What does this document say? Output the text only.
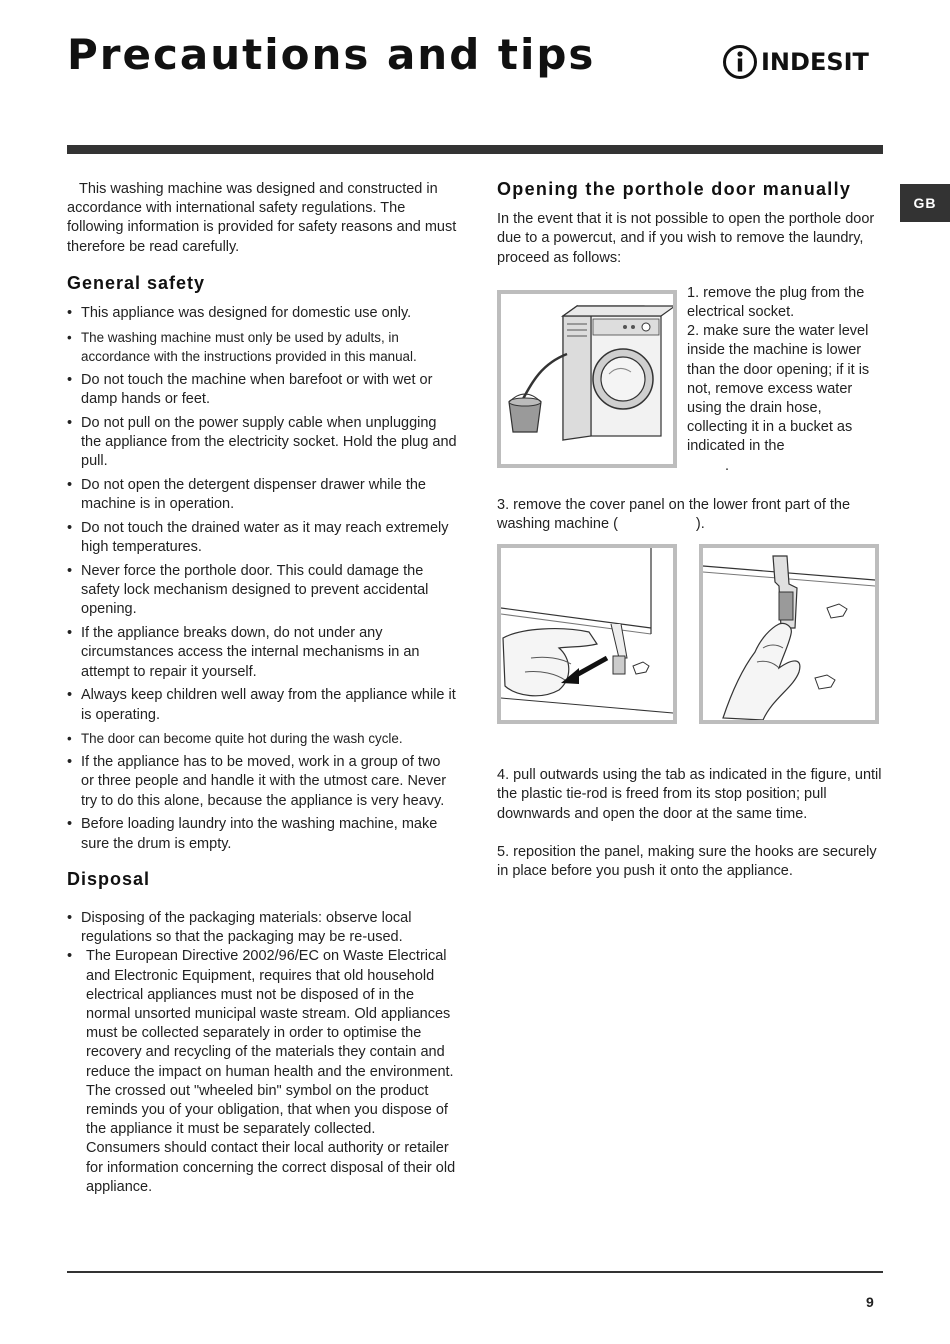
Precautions and tips	INDESIT
GB

This washing machine was designed and constructed in accordance with international safety regulations. The following information is provided for safety reasons and must therefore be read carefully.

General safety
• This appliance was designed for domestic use only.
• The washing machine must only be used by adults, in accordance with the instructions provided in this manual.
• Do not touch the machine when barefoot or with wet or damp hands or feet.
• Do not pull on the power supply cable when unplugging the appliance from the electricity socket. Hold the plug and pull.
• Do not open the detergent dispenser drawer while the machine is in operation.
• Do not touch the drained water as it may reach extremely high temperatures.
• Never force the porthole door. This could damage the safety lock mechanism designed to prevent accidental opening.
• If the appliance breaks down, do not under any circumstances access the internal mechanisms in an attempt to repair it yourself.
• Always keep children well away from the appliance while it is operating.
• The door can become quite hot during the wash cycle.
• If the appliance has to be moved, work in a group of two or three people and handle it with the utmost care. Never try to do this alone, because the appliance is very heavy.
• Before loading laundry into the washing machine, make sure the drum is empty.
Disposal
• Disposing of the packaging materials: observe local regulations so that the packaging may be re-used.
• The European Directive 2002/96/EC on Waste Electrical and Electronic Equipment, requires that old household electrical appliances must not be disposed of in the normal unsorted municipal waste stream. Old appliances must be collected separately in order to optimise the recovery and recycling of the materials they contain and reduce the impact on human health and the environment. The crossed out "wheeled bin" symbol on the product reminds you of your obligation, that when you dispose of the appliance it must be separately collected.
Consumers should contact their local authority or retailer for information concerning the correct disposal of their old appliance.
Opening the porthole door manually

In the event that it is not possible to open the porthole door due to a powercut, and if you wish to remove the laundry, proceed as follows:

1. remove the plug from the electrical socket.

2. make sure the water level inside the machine is lower than the door opening; if it is not, remove excess water using the drain hose, collecting it in a bucket as indicated in the
.

3. remove the cover panel on the lower front part of the washing machine (	).

4. pull outwards using the tab as indicated in the figure, until the plastic tie-rod is freed from its stop position; pull downwards and open the door at the same time.

5. reposition the panel, making sure the hooks are securely in place before you push it onto the appliance.

9
